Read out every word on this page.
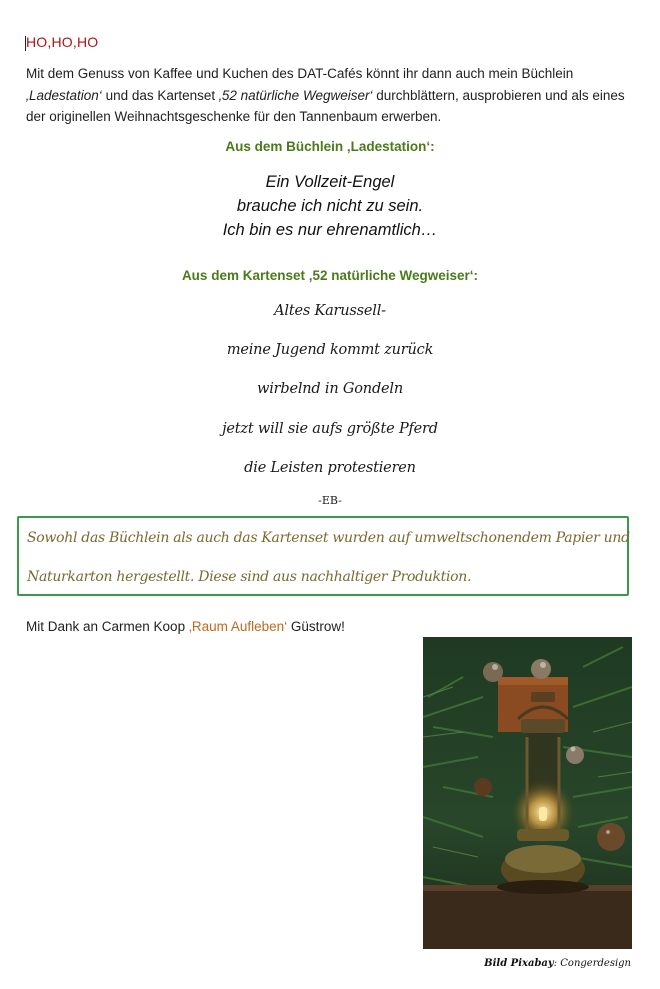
HO,HO,HO
Mit dem Genuss von Kaffee und Kuchen des DAT-Cafés könnt ihr dann auch mein Büchlein ‚Ladestation‘ und das Kartenset ‚52 natürliche Wegweiser‘ durchblättern, ausprobieren und als eines der originellen Weihnachtsgeschenke für den Tannenbaum erwerben.
Aus dem Büchlein ‚Ladestation‘:
Ein Vollzeit-Engel
brauche ich nicht zu sein.
Ich bin es nur ehrenamtlich…
Aus dem Kartenset ‚52 natürliche Wegweiser‘:
Altes Karussell-
meine Jugend kommt zurück
wirbelnd in Gondeln
jetzt will sie aufs größte Pferd
die Leisten protestieren
-EB-
Sowohl das Büchlein als auch das Kartenset wurden auf umweltschonendem Papier und
Naturkarton hergestellt. Diese sind aus nachhaltiger Produktion.
Mit Dank an Carmen Koop ‚Raum Aufleben‘ Güstrow!
Bild Pixabay: Congerdesign
